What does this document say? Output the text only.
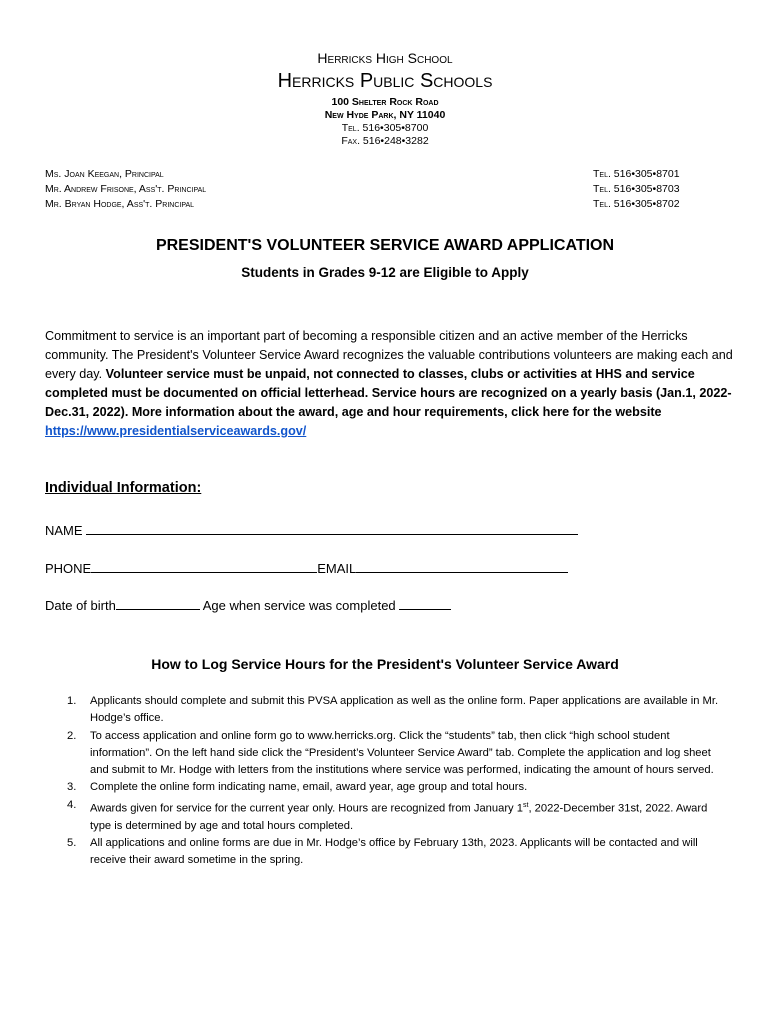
Herricks High School
Herricks Public Schools
100 Shelter Rock Road
New Hyde Park, NY 11040
Tel. 516•305•8700
Fax. 516•248•3282
Ms. Joan Keegan, Principal
Mr. Andrew Frisone, Ass't. Principal
Mr. Bryan Hodge, Ass't. Principal
Tel. 516•305•8701
Tel. 516•305•8703
Tel. 516•305•8702
PRESIDENT'S VOLUNTEER SERVICE AWARD APPLICATION
Students in Grades 9-12 are Eligible to Apply
Commitment to service is an important part of becoming a responsible citizen and an active member of the Herricks community. The President's Volunteer Service Award recognizes the valuable contributions volunteers are making each and every day. Volunteer service must be unpaid, not connected to classes, clubs or activities at HHS and service completed must be documented on official letterhead. Service hours are recognized on a yearly basis (Jan.1, 2022-Dec.31, 2022). More information about the award, age and hour requirements, click here for the website https://www.presidentialserviceawards.gov/
Individual Information:
NAME
PHONE	EMAIL
Date of birth	Age when service was completed
How to Log Service Hours for the President's Volunteer Service Award
1. Applicants should complete and submit this PVSA application as well as the online form. Paper applications are available in Mr. Hodge’s office.
2. To access application and online form go to www.herricks.org. Click the “students” tab, then click “high school student information”. On the left hand side click the “President’s Volunteer Service Award” tab. Complete the application and log sheet and submit to Mr. Hodge with letters from the institutions where service was performed, indicating the amount of hours served.
3. Complete the online form indicating name, email, award year, age group and total hours.
4. Awards given for service for the current year only. Hours are recognized from January 1st, 2022-December 31st, 2022. Award type is determined by age and total hours completed.
5. All applications and online forms are due in Mr. Hodge’s office by February 13th, 2023. Applicants will be contacted and will receive their award sometime in the spring.
